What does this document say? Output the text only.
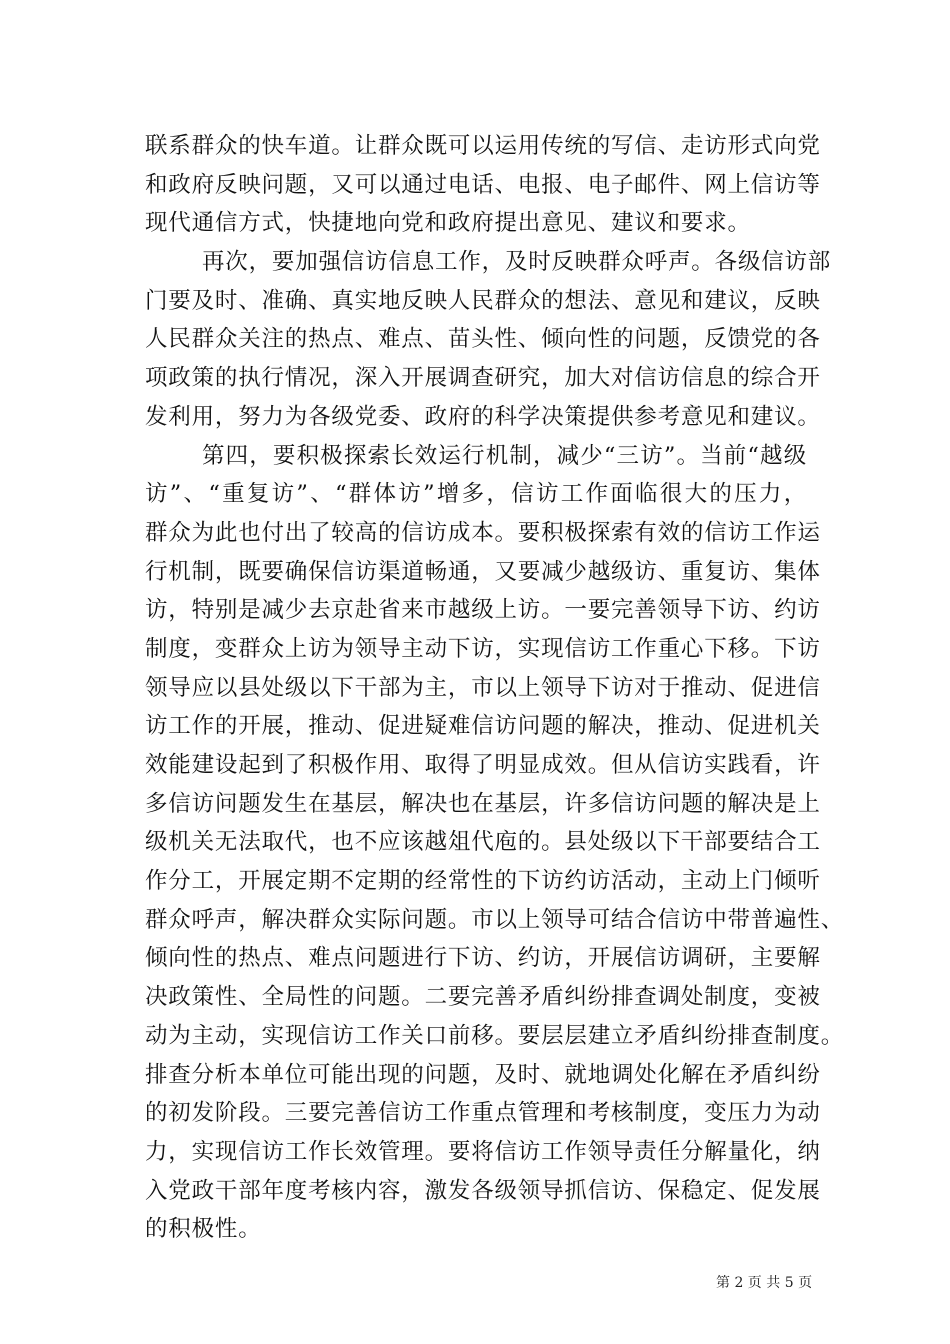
联系群众的快车道。让群众既可以运用传统的写信、走访形式向党
和政府反映问题，又可以通过电话、电报、电子邮件、网上信访等
现代通信方式，快捷地向党和政府提出意见、建议和要求。
再次，要加强信访信息工作，及时反映群众呼声。各级信访部
门要及时、准确、真实地反映人民群众的想法、意见和建议，反映
人民群众关注的热点、难点、苗头性、倾向性的问题，反馈党的各
项政策的执行情况，深入开展调查研究，加大对信访信息的综合开
发利用，努力为各级党委、政府的科学决策提供参考意见和建议。
第四，要积极探索长效运行机制，减少“三访”。当前“越级
访”、“重复访”、“群体访”增多，信访工作面临很大的压力，
群众为此也付出了较高的信访成本。要积极探索有效的信访工作运
行机制，既要确保信访渠道畅通，又要减少越级访、重复访、集体
访，特别是减少去京赴省来市越级上访。一要完善领导下访、约访
制度，变群众上访为领导主动下访，实现信访工作重心下移。下访
领导应以县处级以下干部为主，市以上领导下访对于推动、促进信
访工作的开展，推动、促进疑难信访问题的解决，推动、促进机关
效能建设起到了积极作用、取得了明显成效。但从信访实践看，许
多信访问题发生在基层，解决也在基层，许多信访问题的解决是上
级机关无法取代，也不应该越俎代庖的。县处级以下干部要结合工
作分工，开展定期不定期的经常性的下访约访活动，主动上门倾听
群众呼声，解决群众实际问题。市以上领导可结合信访中带普遍性、
倾向性的热点、难点问题进行下访、约访，开展信访调研，主要解
决政策性、全局性的问题。二要完善矛盾纠纷排查调处制度，变被
动为主动，实现信访工作关口前移。要层层建立矛盾纠纷排查制度。
排查分析本单位可能出现的问题，及时、就地调处化解在矛盾纠纷
的初发阶段。三要完善信访工作重点管理和考核制度，变压力为动
力，实现信访工作长效管理。要将信访工作领导责任分解量化，纳
入党政干部年度考核内容，激发各级领导抓信访、保稳定、促发展
的积极性。
第 2 页 共 5 页
